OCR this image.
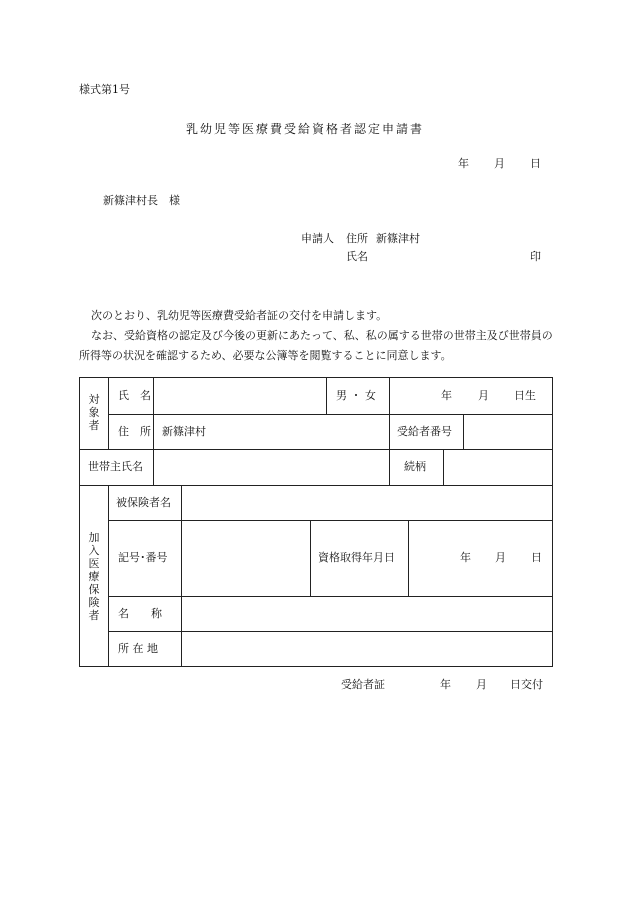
様式第1号
乳幼児等医療費受給資格者認定申請書
年 月 日
新篠津村長　様
申請人 住所 新篠津村
氏名	印
次のとおり、乳幼児等医療費受給者証の交付を申請します。
なお、受給資格の認定及び今後の更新にあたって、私、私の属する世帯の世帯主及び世帯員の所得等の状況を確認するため、必要な公簿等を閲覧することに同意します。
対象者
氏　名	男 ・ 女	年 月 日生
住　所 新篠津村	受給者番号
世帯主氏名	続柄
加入医療保険者
被保険者名
記号･番号	資格取得年月日	年 月 日
名　　称
所 在 地
受給者証	年 月 日交付
